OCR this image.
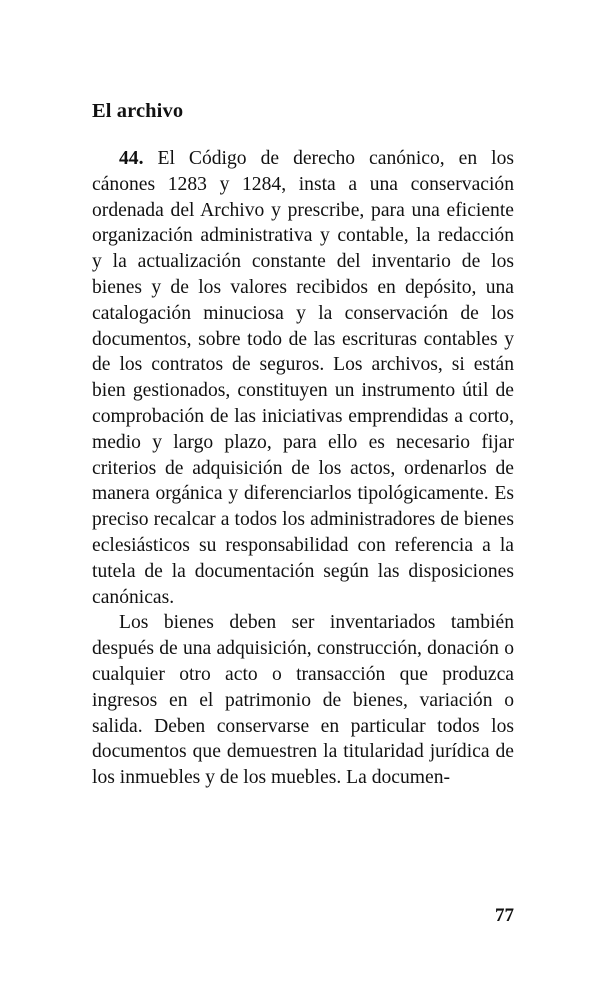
El archivo

44. El Código de derecho canónico, en los cánones 1283 y 1284, insta a una conservación ordenada del Archivo y prescribe, para una eficiente organización administrativa y contable, la redacción y la actualización constante del inventario de los bienes y de los valores recibidos en depósito, una catalogación minuciosa y la conservación de los documentos, sobre todo de las escrituras contables y de los contratos de seguros. Los archivos, si están bien gestionados, constituyen un instrumento útil de comprobación de las iniciativas emprendidas a corto, medio y largo plazo, para ello es necesario fijar criterios de adquisición de los actos, ordenarlos de manera orgánica y diferenciarlos tipológicamente. Es preciso recalcar a todos los administradores de bienes eclesiásticos su responsabilidad con referencia a la tutela de la documentación según las disposiciones canónicas.

Los bienes deben ser inventariados también después de una adquisición, construcción, donación o cualquier otro acto o transacción que produzca ingresos en el patrimonio de bienes, variación o salida. Deben conservarse en particular todos los documentos que demuestren la titularidad jurídica de los inmuebles y de los muebles. La documen-

77
